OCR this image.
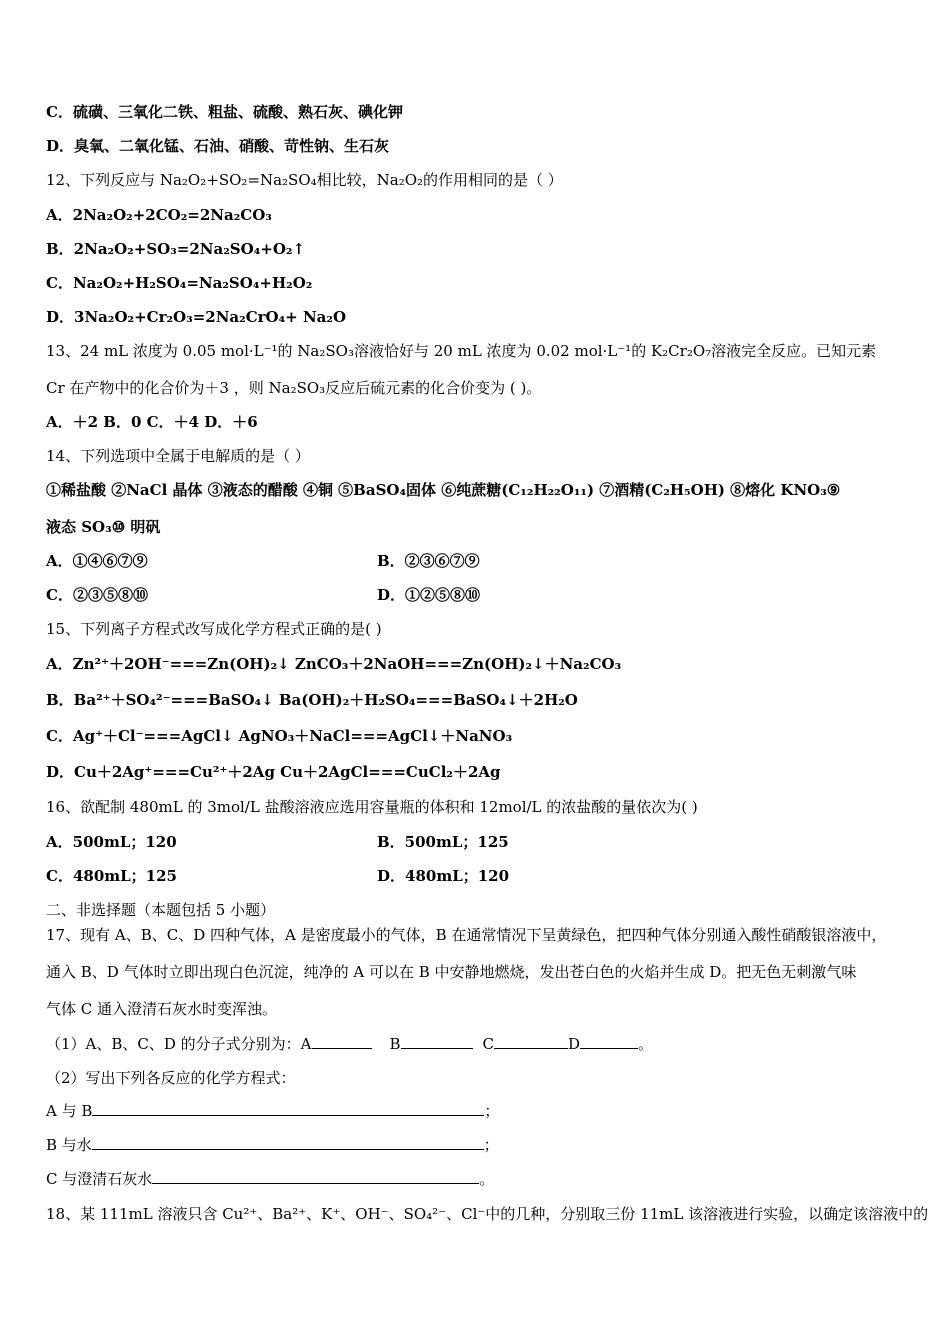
C．硫磺、三氧化二铁、粗盐、硫酸、熟石灰、碘化钾
D．臭氧、二氧化锰、石油、硝酸、苛性钠、生石灰
12、下列反应与 Na₂O₂+SO₂=Na₂SO₄相比较，Na₂O₂的作用相同的是（ ）
A．2Na₂O₂+2CO₂=2Na₂CO₃
B．2Na₂O₂+SO₃=2Na₂SO₄+O₂↑
C．Na₂O₂+H₂SO₄=Na₂SO₄+H₂O₂
D．3Na₂O₂+Cr₂O₃=2Na₂CrO₄+ Na₂O
13、24 mL 浓度为 0.05 mol·L⁻¹的 Na₂SO₃溶液恰好与 20 mL 浓度为 0.02 mol·L⁻¹的 K₂Cr₂O₇溶液完全反应。已知元素
Cr 在产物中的化合价为＋3 ，则 Na₂SO₃反应后硫元素的化合价变为 ( )。
A．＋2 B．0 C．＋4 D．＋6
14、下列选项中全属于电解质的是（ ）
①稀盐酸 ②NaCl 晶体 ③液态的醋酸 ④铜 ⑤BaSO₄固体 ⑥纯蔗糖(C₁₂H₂₂O₁₁) ⑦酒精(C₂H₅OH) ⑧熔化 KNO₃⑨
液态 SO₃⑩ 明矾
A．①④⑥⑦⑨	B．②③⑥⑦⑨
C．②③⑤⑧⑩	D．①②⑤⑧⑩
15、下列离子方程式改写成化学方程式正确的是( )
A．Zn²⁺＋2OH⁻===Zn(OH)₂↓ ZnCO₃＋2NaOH===Zn(OH)₂↓＋Na₂CO₃
B．Ba²⁺＋SO₄²⁻===BaSO₄↓ Ba(OH)₂＋H₂SO₄===BaSO₄↓＋2H₂O
C．Ag⁺＋Cl⁻===AgCl↓ AgNO₃＋NaCl===AgCl↓＋NaNO₃
D．Cu＋2Ag⁺===Cu²⁺＋2Ag Cu＋2AgCl===CuCl₂＋2Ag
16、欲配制 480mL 的 3mol/L 盐酸溶液应选用容量瓶的体积和 12mol/L 的浓盐酸的量依次为( )
A．500mL；120	B．500mL；125
C．480mL；125	D．480mL；120
二、非选择题（本题包括 5 小题）
17、现有 A、B、C、D 四种气体，A 是密度最小的气体，B 在通常情况下呈黄绿色，把四种气体分别通入酸性硝酸银溶液中，
通入 B、D 气体时立即出现白色沉淀，纯净的 A 可以在 B 中安静地燃烧，发出苍白色的火焰并生成 D。把无色无刺激气味
气体 C 通入澄清石灰水时变浑浊。
（1）A、B、C、D 的分子式分别为：A	B	C	D	。
（2）写出下列各反应的化学方程式：
A 与 B	；
B 与水	；
C 与澄清石灰水	。
18、某 111mL 溶液只含 Cu²⁺、Ba²⁺、K⁺、OH⁻、SO₄²⁻、Cl⁻中的几种，分别取三份 11mL 该溶液进行实验，以确定该溶液中的
